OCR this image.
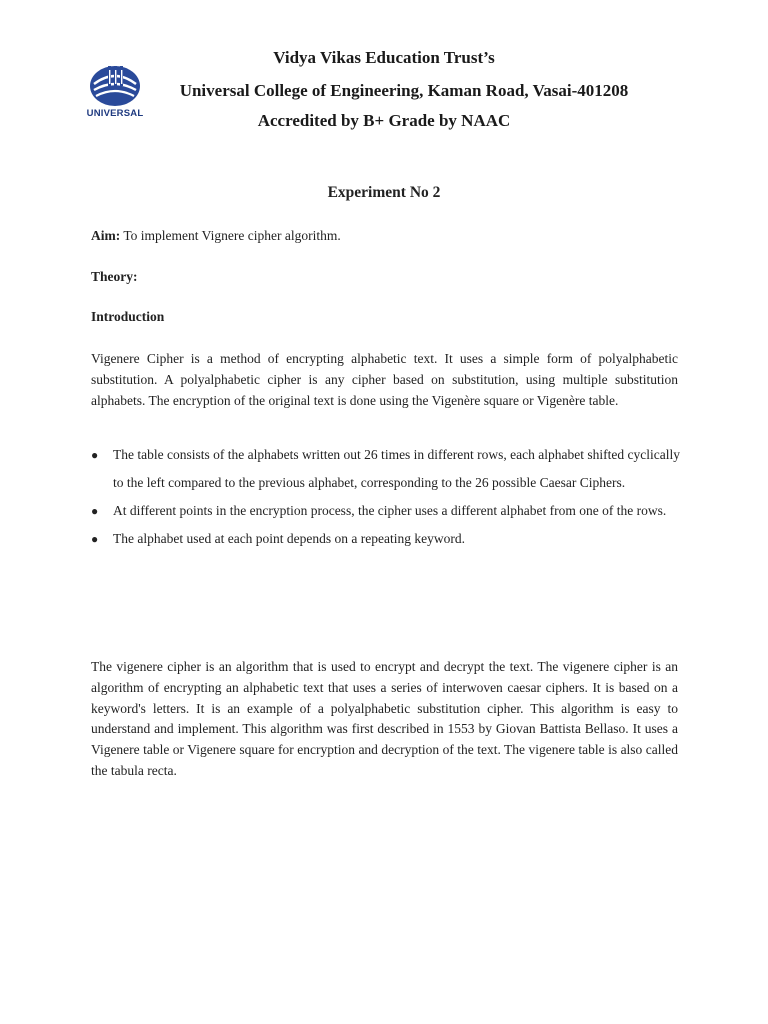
UNIVERSAL

Vidya Vikas Education Trust’s

Universal College of Engineering, Kaman Road, Vasai-401208

Accredited by B+ Grade by NAAC

Experiment No 2

Aim: To implement Vignere cipher algorithm.

Theory:

Introduction

Vigenere Cipher is a method of encrypting alphabetic text. It uses a simple form of polyalphabetic substitution. A polyalphabetic cipher is any cipher based on substitution, using multiple substitution alphabets. The encryption of the original text is done using the Vigenère square or Vigenère table.

● The table consists of the alphabets written out 26 times in different rows, each alphabet shifted cyclically to the left compared to the previous alphabet, corresponding to the 26 possible Caesar Ciphers.
● At different points in the encryption process, the cipher uses a different alphabet from one of the rows.
● The alphabet used at each point depends on a repeating keyword.

The vigenere cipher is an algorithm that is used to encrypt and decrypt the text. The vigenere cipher is an algorithm of encrypting an alphabetic text that uses a series of interwoven caesar ciphers. It is based on a keyword's letters. It is an example of a polyalphabetic substitution cipher. This algorithm is easy to understand and implement. This algorithm was first described in 1553 by Giovan Battista Bellaso. It uses a Vigenere table or Vigenere square for encryption and decryption of the text. The vigenere table is also called the tabula recta.
